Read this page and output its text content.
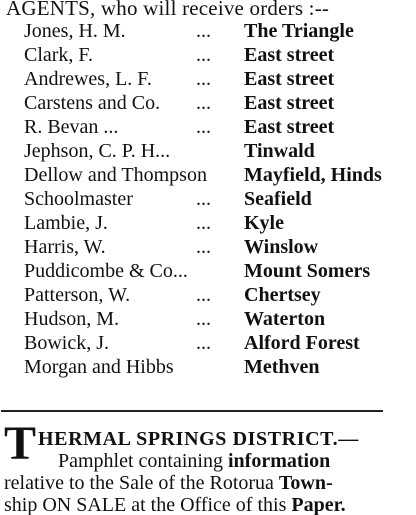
AGENTS, who will receive orders :--
Jones, H. M.	... The Triangle
Clark, F.	... East street
Andrewes, L. F. ... East street
Carstens and Co. ... East street
R. Bevan ...	... East street
Jephson, C. P. H...	Tinwald
Dellow and Thompson Mayfield, Hinds
Schoolmaster	... Seafield
Lambie, J.	... Kyle
Harris, W.	... Winslow
Puddicombe & Co...	Mount Somers
Patterson, W.	... Chertsey
Hudson, M.	... Waterton
Bowick, J.	... Alford Forest
Morgan and Hibbs	Methven
T HERMAL SPRINGS DISTRICT.—
Pamphlet containing information
relative to the Sale of the Rotorua Town-
ship ON SALE at the Office of this Paper.
